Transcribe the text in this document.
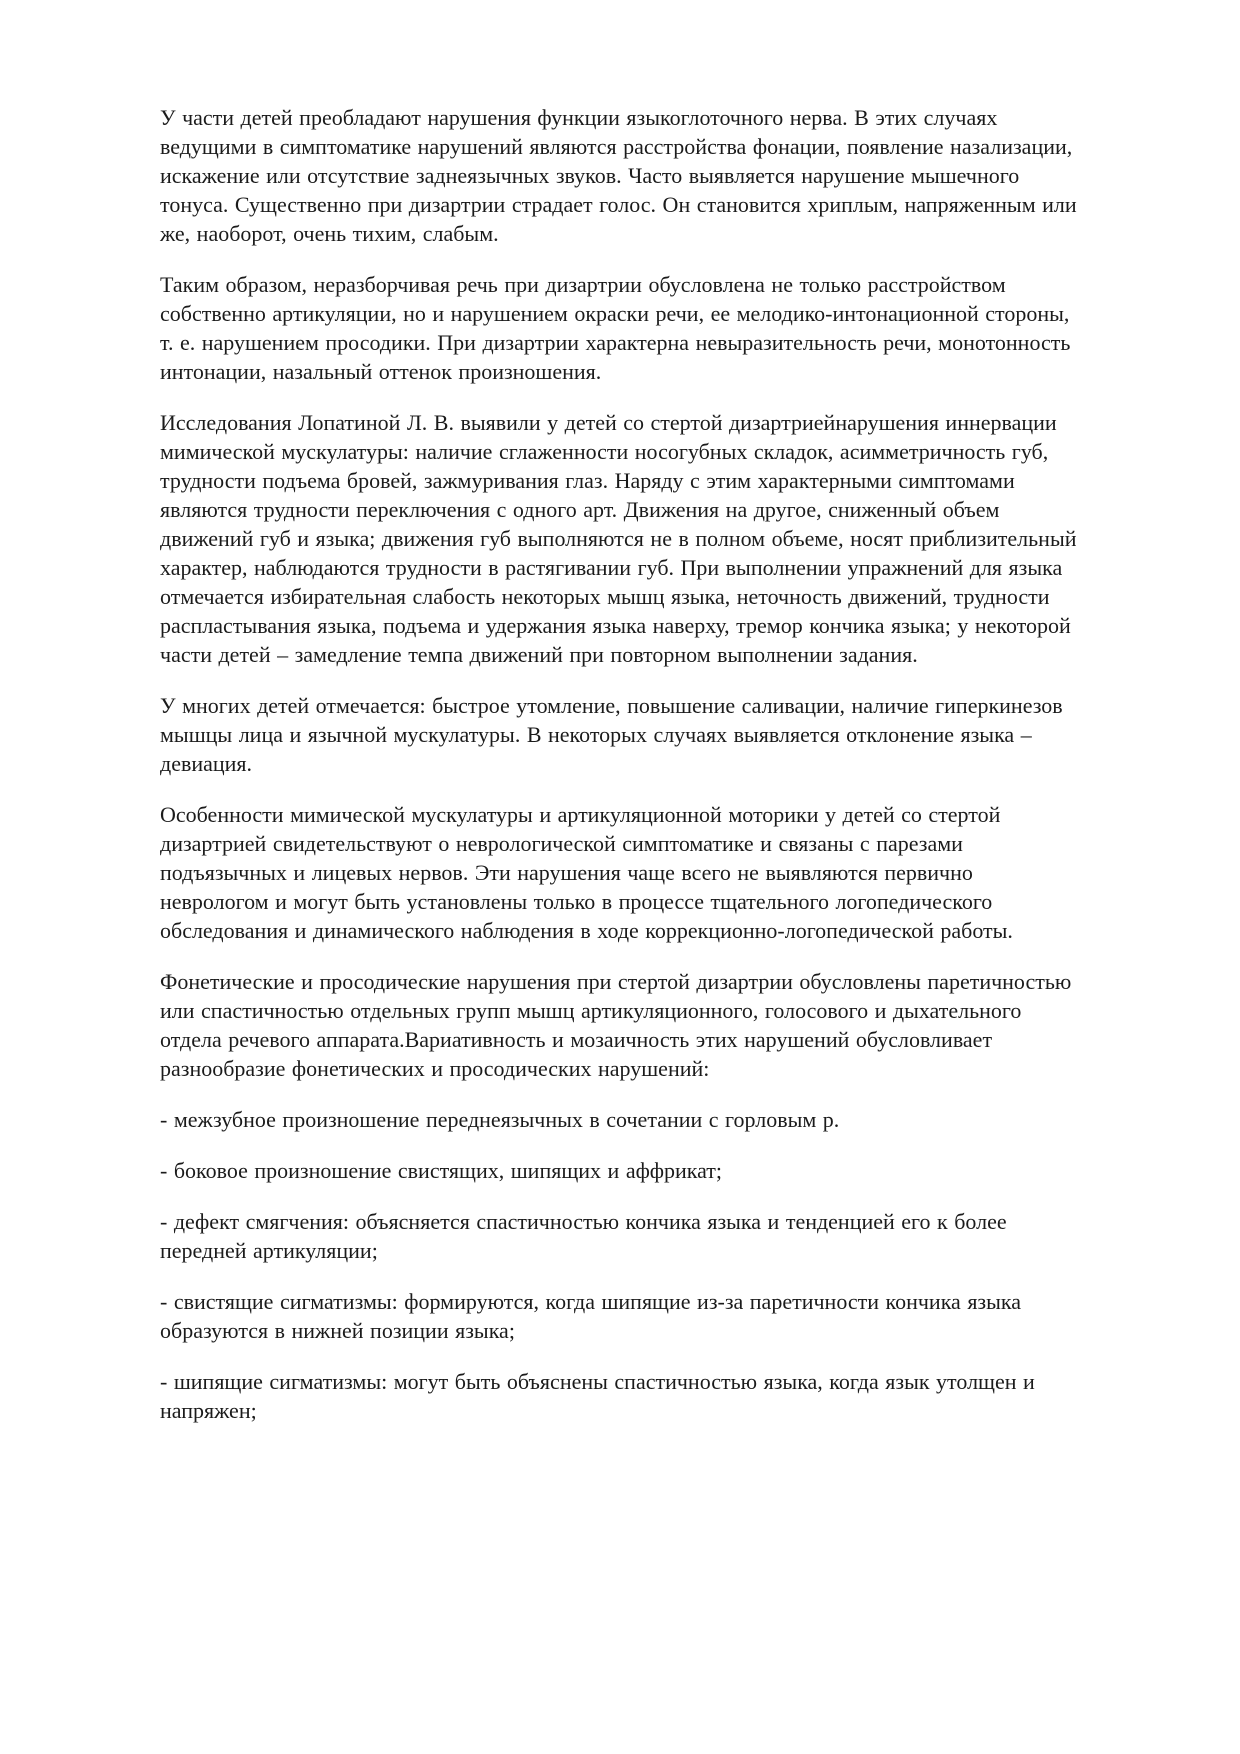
У части детей преобладают нарушения функции языкоглоточного нерва. В этих случаях ведущими в симптоматике нарушений являются расстройства фонации, появление назализации, искажение или отсутствие заднеязычных звуков. Часто выявляется нарушение мышечного тонуса. Существенно при дизартрии страдает голос. Он становится хриплым, напряженным или же, наоборот, очень тихим, слабым.

Таким образом, неразборчивая речь при дизартрии обусловлена не только расстройством собственно артикуляции, но и нарушением окраски речи, ее мелодико-интонационной стороны, т. е. нарушением просодики. При дизартрии характерна невыразительность речи, монотонность интонации, назальный оттенок произношения.

Исследования Лопатиной Л. В. выявили у детей со стертой дизартриейнарушения иннервации мимической мускулатуры: наличие сглаженности носогубных складок, асимметричность губ, трудности подъема бровей, зажмуривания глаз. Наряду с этим характерными симптомами являются трудности переключения с одного арт. Движения на другое, сниженный объем движений губ и языка; движения губ выполняются не в полном объеме, носят приблизительный характер, наблюдаются трудности в растягивании губ. При выполнении упражнений для языка отмечается избирательная слабость некоторых мышц языка, неточность движений, трудности распластывания языка, подъема и удержания языка наверху, тремор кончика языка; у некоторой части детей – замедление темпа движений при повторном выполнении задания.

У многих детей отмечается: быстрое утомление, повышение саливации, наличие гиперкинезов мышцы лица и язычной мускулатуры. В некоторых случаях выявляется отклонение языка – девиация.

Особенности мимической мускулатуры и артикуляционной моторики у детей со стертой дизартрией свидетельствуют о неврологической симптоматике и связаны с парезами подъязычных и лицевых нервов. Эти нарушения чаще всего не выявляются первично неврологом и могут быть установлены только в процессе тщательного логопедического обследования и динамического наблюдения в ходе коррекционно-логопедической работы.

Фонетические и просодические нарушения при стертой дизартрии обусловлены паретичностью или спастичностью отдельных групп мышц артикуляционного, голосового и дыхательного отдела речевого аппарата.Вариативность и мозаичность этих нарушений обусловливает разнообразие фонетических и просодических нарушений:

- межзубное произношение переднеязычных в сочетании с горловым р.

- боковое произношение свистящих, шипящих и аффрикат;

- дефект смягчения: объясняется спастичностью кончика языка и тенденцией его к более передней артикуляции;

- свистящие сигматизмы: формируются, когда шипящие из-за паретичности кончика языка образуются в нижней позиции языка;

- шипящие сигматизмы: могут быть объяснены спастичностью языка, когда язык утолщен и напряжен;
